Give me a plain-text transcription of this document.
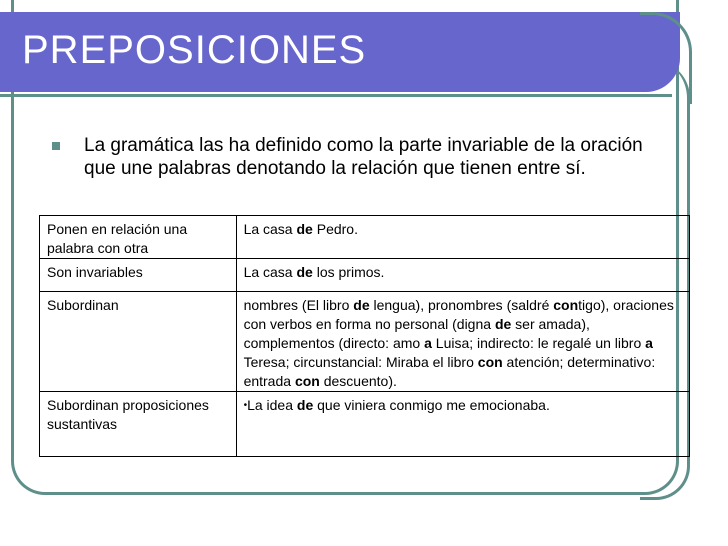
PREPOSICIONES
La gramática las ha definido como la parte invariable de la oración que une palabras denotando la relación que tienen entre sí.
Ponen en relación una palabra con otra	La casa de Pedro.
Son invariables	La casa de los primos.
Subordinan	nombres (El libro de lengua), pronombres (saldré contigo), oraciones con verbos en forma no personal (digna de ser amada), complementos (directo: amo a Luisa; indirecto: le regalé un libro a Teresa; circunstancial: Miraba el libro con atención; determinativo: entrada con descuento).
Subordinan proposiciones sustantivas	•La idea de que viniera conmigo me emocionaba.
